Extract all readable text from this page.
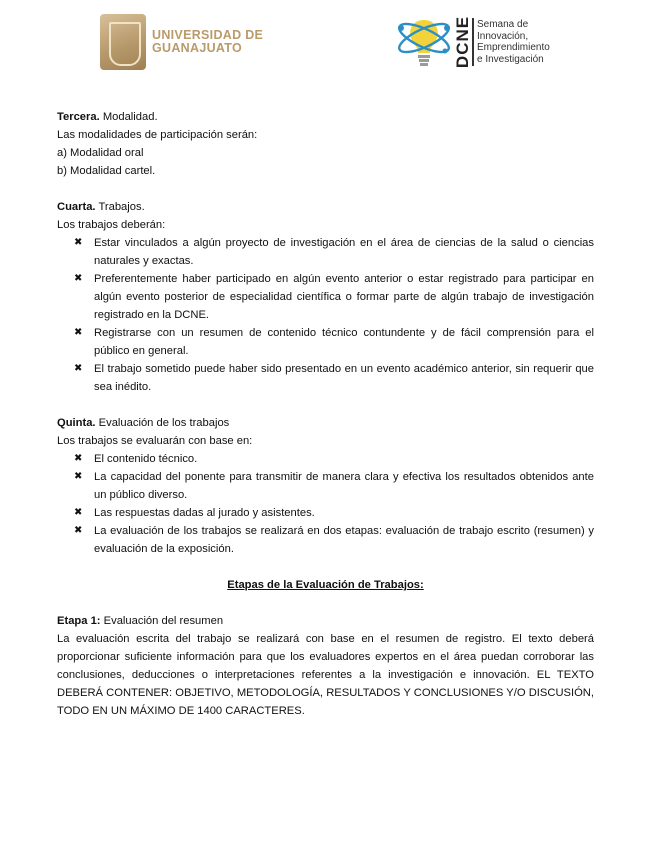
UNIVERSIDAD DE
GUANAJUATO	DCNE Semana de
Innovación,
Emprendimiento
e Investigación

Tercera. Modalidad.

Las modalidades de participación serán:

a) Modalidad oral

b) Modalidad cartel.

Cuarta. Trabajos.

Los trabajos deberán:

✖ Estar vinculados a algún proyecto de investigación en el área de ciencias de la salud o ciencias naturales y exactas.
✖ Preferentemente haber participado en algún evento anterior o estar registrado para participar en algún evento posterior de especialidad científica o formar parte de algún trabajo de investigación registrado en la DCNE.
✖ Registrarse con un resumen de contenido técnico contundente y de fácil comprensión para el público en general.
✖ El trabajo sometido puede haber sido presentado en un evento académico anterior, sin requerir que sea inédito.

Quinta. Evaluación de los trabajos

Los trabajos se evaluarán con base en:

✖ El contenido técnico.
✖ La capacidad del ponente para transmitir de manera clara y efectiva los resultados obtenidos ante un público diverso.
✖ Las respuestas dadas al jurado y asistentes.
✖ La evaluación de los trabajos se realizará en dos etapas: evaluación de trabajo escrito (resumen) y evaluación de la exposición.

Etapas de la Evaluación de Trabajos:

Etapa 1: Evaluación del resumen

La evaluación escrita del trabajo se realizará con base en el resumen de registro. El texto deberá proporcionar suficiente información para que los evaluadores expertos en el área puedan corroborar las conclusiones, deducciones o interpretaciones referentes a la investigación e innovación. EL TEXTO DEBERÁ CONTENER: OBJETIVO, METODOLOGÍA, RESULTADOS Y CONCLUSIONES Y/O DISCUSIÓN, TODO EN UN MÁXIMO DE 1400 CARACTERES.
